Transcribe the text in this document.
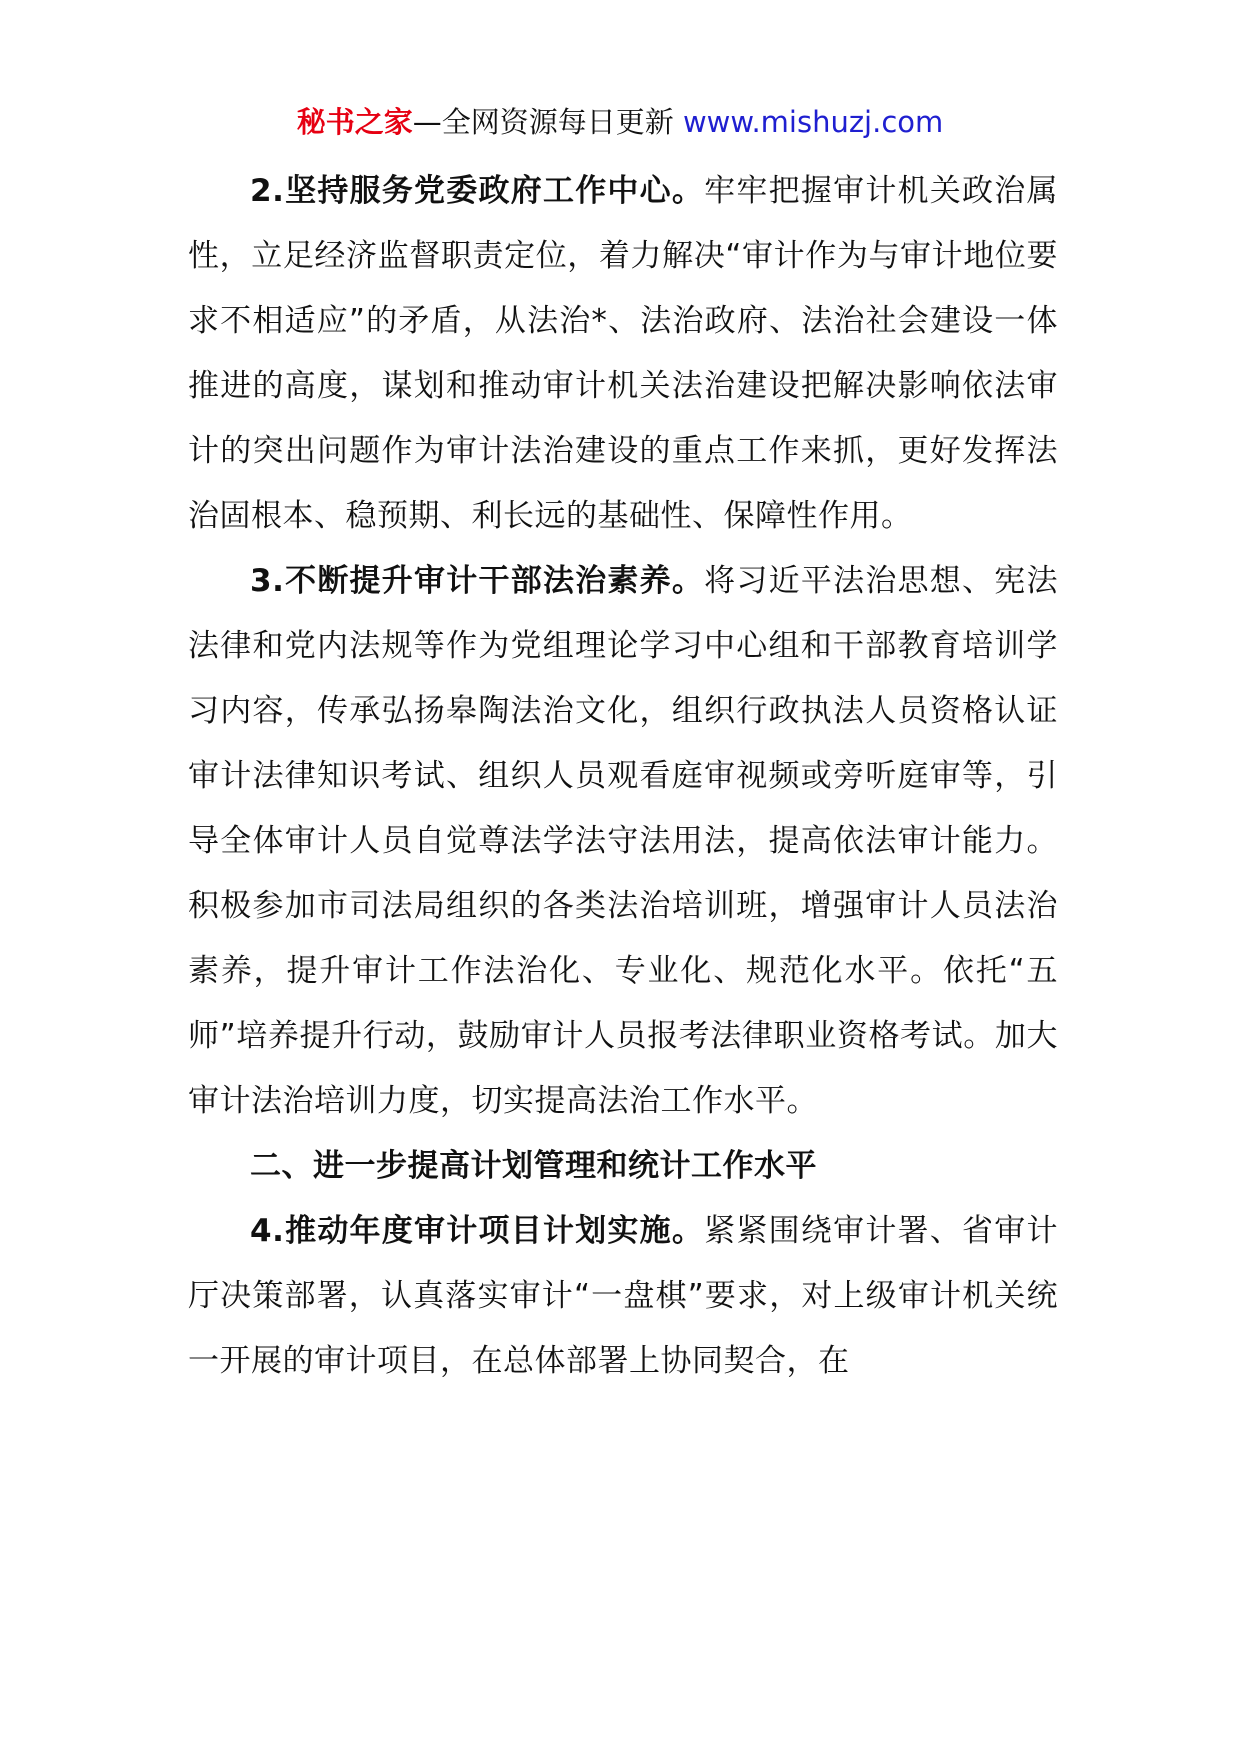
秘书之家—全网资源每日更新 www.mishuzj.com

2.坚持服务党委政府工作中心。牢牢把握审计机关政治属性，立足经济监督职责定位，着力解决“审计作为与审计地位要求不相适应”的矛盾，从法治*、法治政府、法治社会建设一体推进的高度，谋划和推动审计机关法治建设把解决影响依法审计的突出问题作为审计法治建设的重点工作来抓，更好发挥法治固根本、稳预期、利长远的基础性、保障性作用。

3.不断提升审计干部法治素养。将习近平法治思想、宪法法律和党内法规等作为党组理论学习中心组和干部教育培训学习内容，传承弘扬皋陶法治文化，组织行政执法人员资格认证审计法律知识考试、组织人员观看庭审视频或旁听庭审等，引导全体审计人员自觉尊法学法守法用法，提高依法审计能力。积极参加市司法局组织的各类法治培训班，增强审计人员法治素养，提升审计工作法治化、专业化、规范化水平。依托“五师”培养提升行动，鼓励审计人员报考法律职业资格考试。加大审计法治培训力度，切实提高法治工作水平。

二、进一步提高计划管理和统计工作水平

4.推动年度审计项目计划实施。紧紧围绕审计署、省审计厅决策部署，认真落实审计“一盘棋”要求，对上级审计机关统一开展的审计项目，在总体部署上协同契合，在
